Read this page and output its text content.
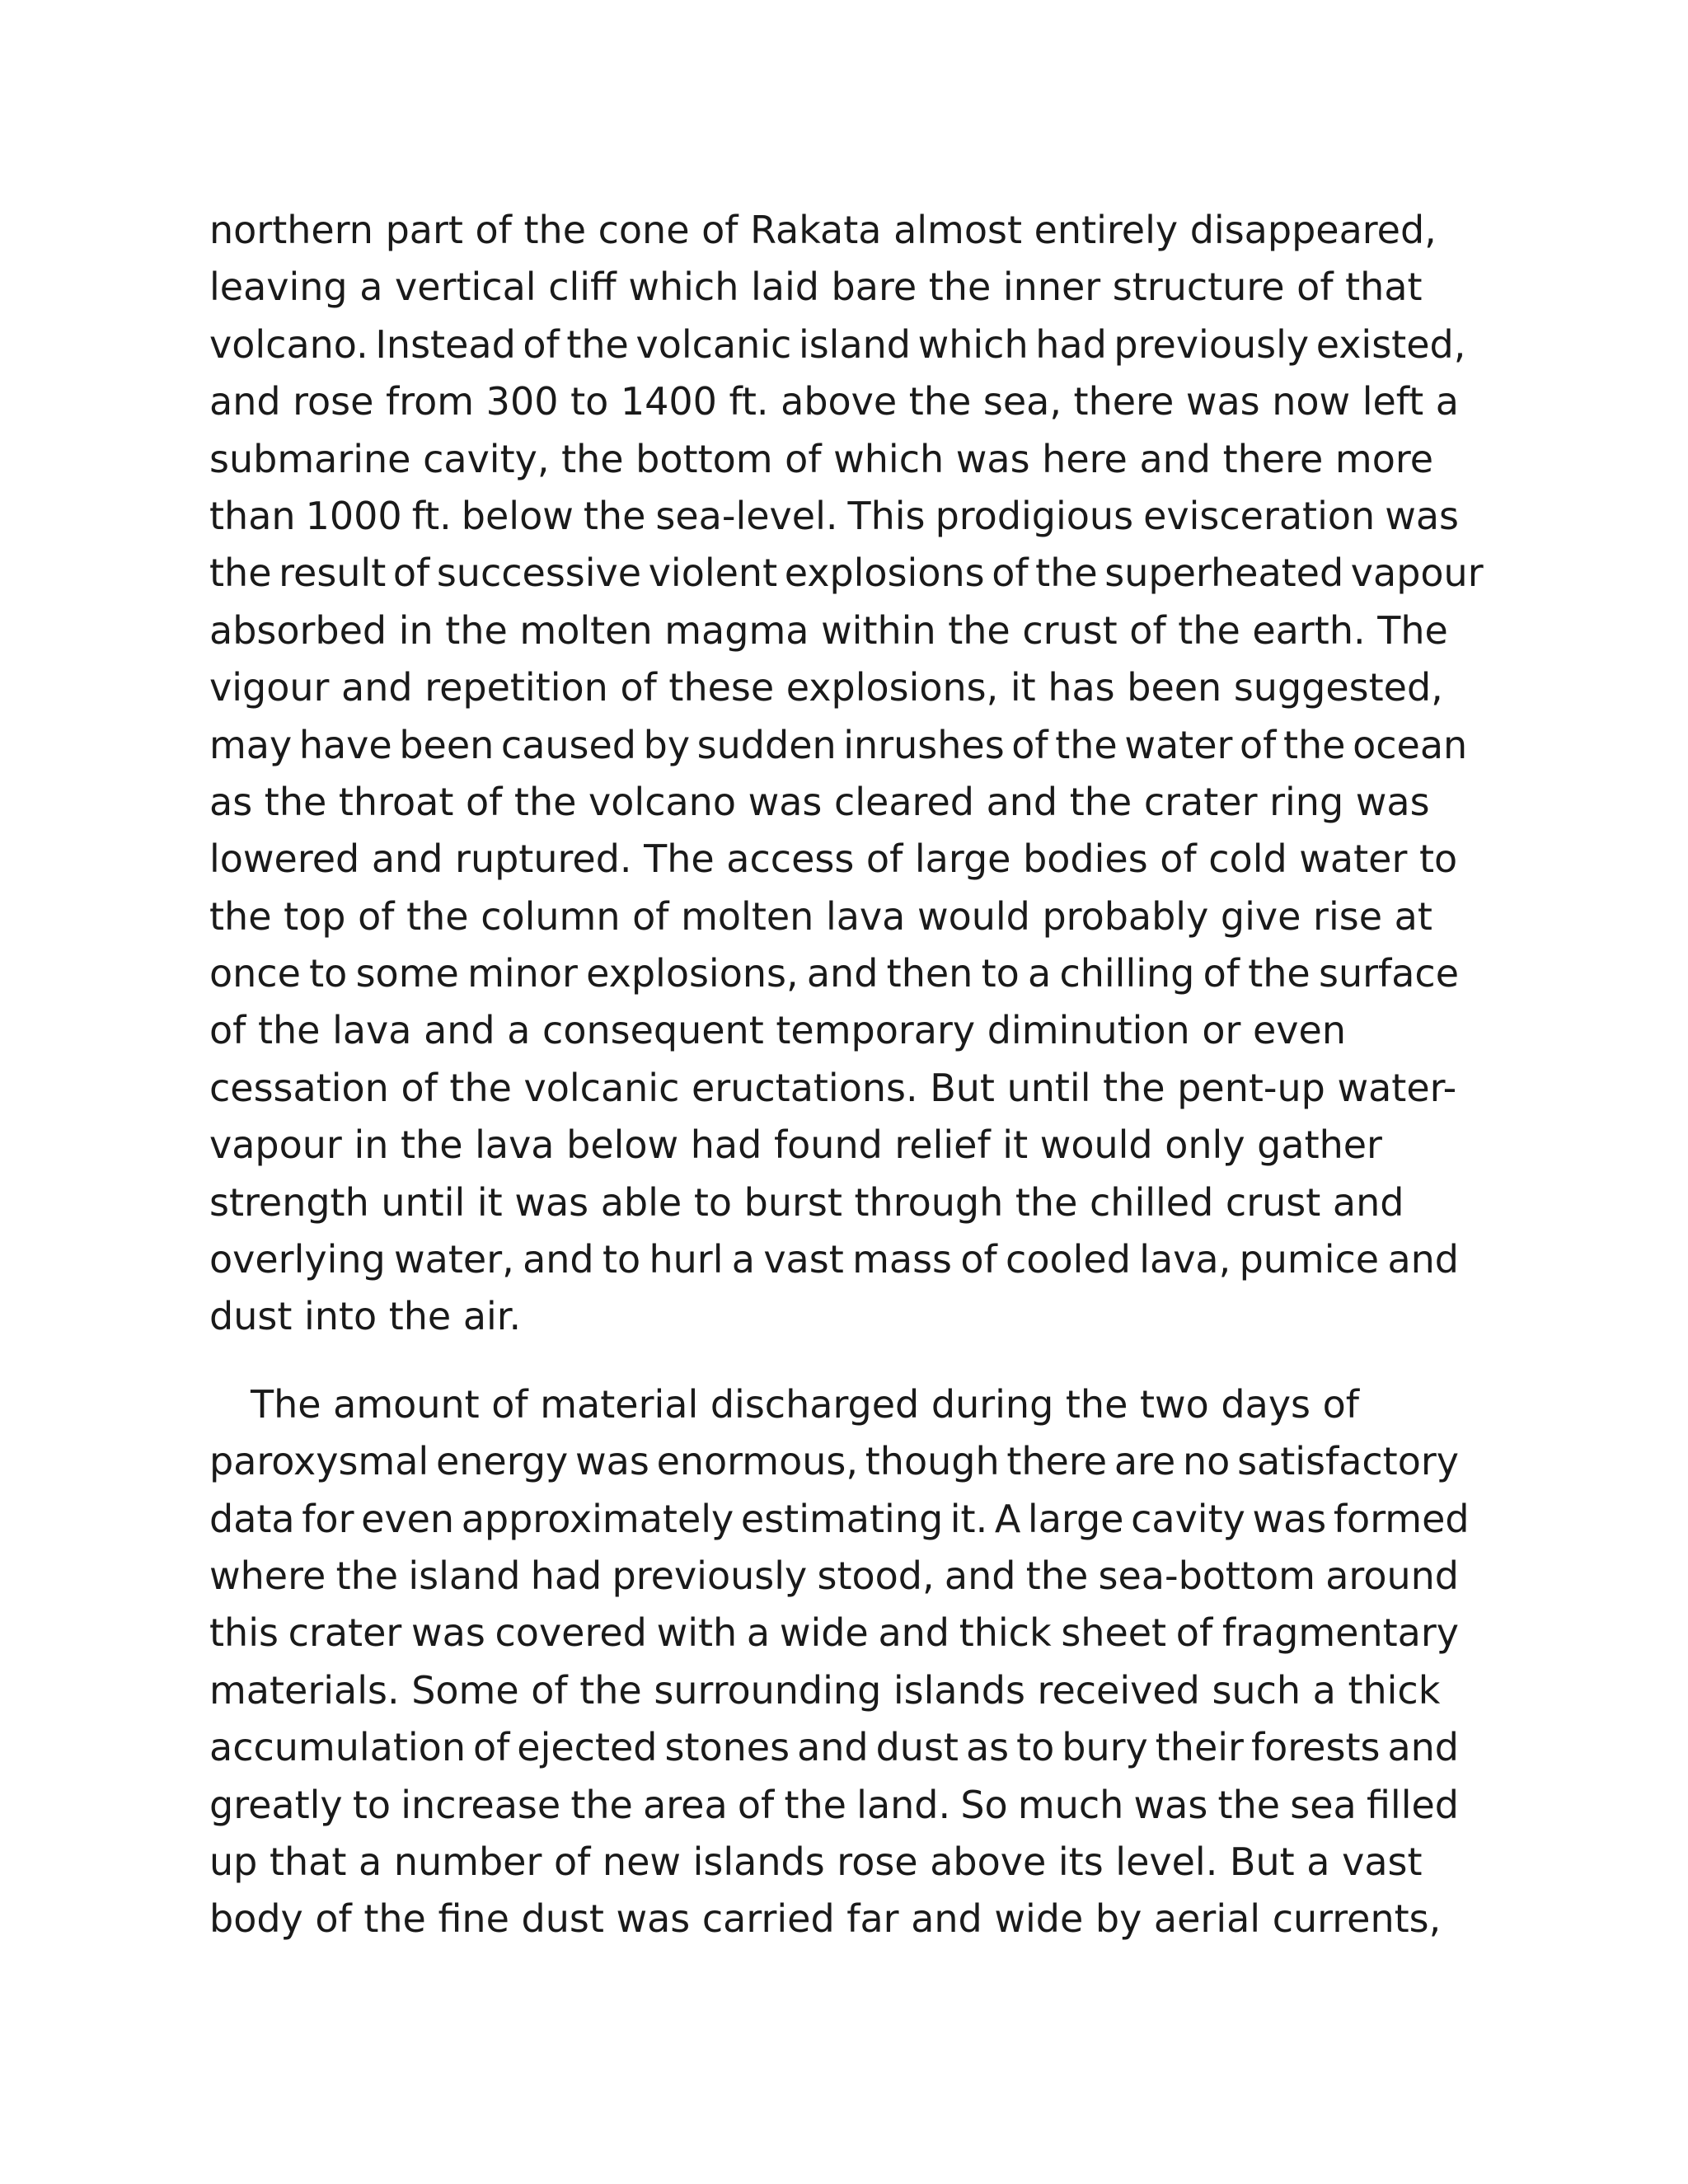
northern part of the cone of Rakata almost entirely disappeared,
leaving a vertical cliff which laid bare the inner structure of that
volcano. Instead of the volcanic island which had previously existed,
and rose from 300 to 1400 ft. above the sea, there was now left a
submarine cavity, the bottom of which was here and there more
than 1000 ft. below the sea-level. This prodigious evisceration was
the result of successive violent explosions of the superheated vapour
absorbed in the molten magma within the crust of the earth. The
vigour and repetition of these explosions, it has been suggested,
may have been caused by sudden inrushes of the water of the ocean
as the throat of the volcano was cleared and the crater ring was
lowered and ruptured. The access of large bodies of cold water to
the top of the column of molten lava would probably give rise at
once to some minor explosions, and then to a chilling of the surface
of the lava and a consequent temporary diminution or even
cessation of the volcanic eructations. But until the pent-up water-
vapour in the lava below had found relief it would only gather
strength until it was able to burst through the chilled crust and
overlying water, and to hurl a vast mass of cooled lava, pumice and
dust into the air.
The amount of material discharged during the two days of
paroxysmal energy was enormous, though there are no satisfactory
data for even approximately estimating it. A large cavity was formed
where the island had previously stood, and the sea-bottom around
this crater was covered with a wide and thick sheet of fragmentary
materials. Some of the surrounding islands received such a thick
accumulation of ejected stones and dust as to bury their forests and
greatly to increase the area of the land. So much was the sea filled
up that a number of new islands rose above its level. But a vast
body of the fine dust was carried far and wide by aerial currents,
